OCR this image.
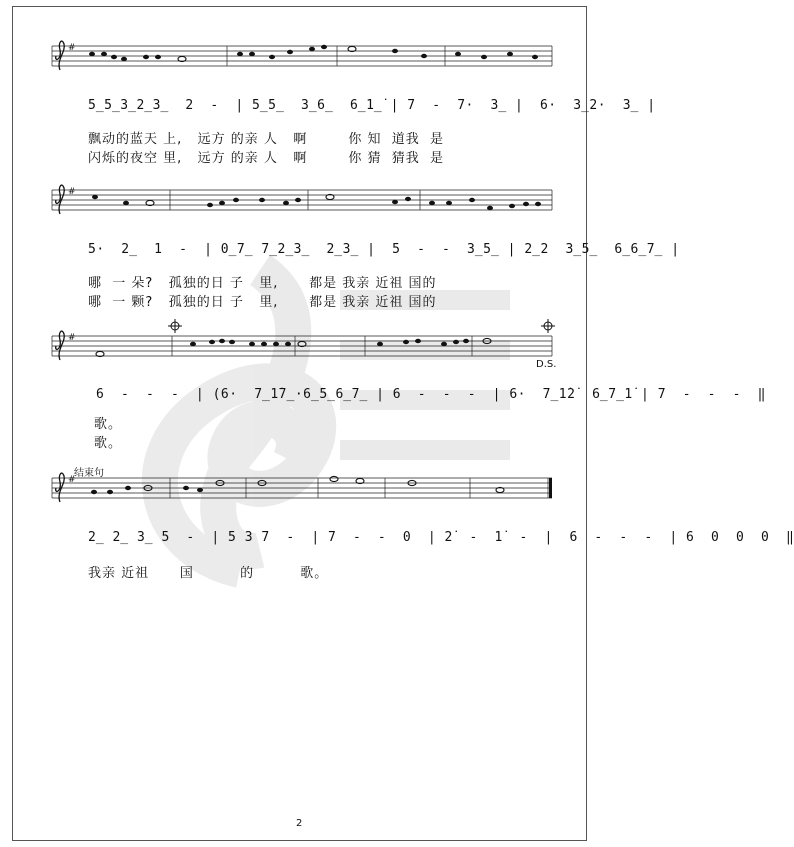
#
#
#
#
5̲5̲3̲2̲3̲  2  -  | 5̲5̲  3̲6̲  6̲1̲̇ | 7  -  7·  3̲ |  6·  3̲2·  3̲ |
飘动的蓝天 上,   远方 的亲 人   啊        你 知  道我  是
闪烁的夜空 里,   远方 的亲 人   啊        你 猜  猜我  是
5·  2̲  1  -  | 0̲7̲ 7̲2̲3̲  2̲3̲ |  5  -  -  3̲5̲ | 2̲2  3̲5̲  6̲6̲7̲ |
哪  一 朵?   孤独的日 子   里,      都是 我亲 近祖 国的
哪  一 颗?   孤独的日 子   里,      都是 我亲 近祖 国的
D.S.
6  -  -  -  | (6·  7̲1̇7̲·6̲5̲6̲7̲ | 6  -  -  -  | 6·  7̲1̇2̇  6̲7̲1̇ | 7  -  -  -  ‖
歌。
歌。
结束句
2̲ 2̲ 3̲ 5  -  | 5 3 7  -  | 7  -  -  0  | 2̇  -  1̇  -  |  6  -  -  -  | 6  0  0  0  ‖
我亲 近祖      国         的         歌。
2
